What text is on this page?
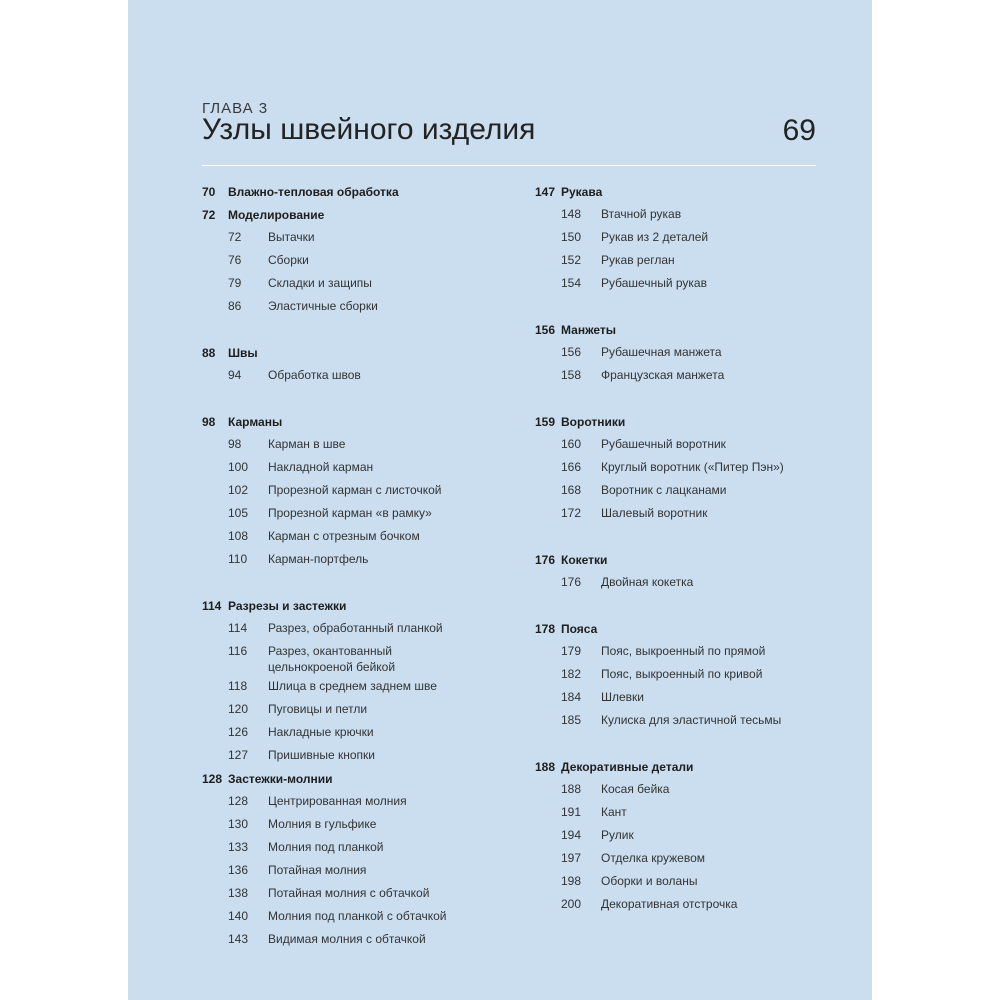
ГЛАВА 3
Узлы швейного изделия	69
70	Влажно-тепловая обработка
72	Моделирование
72	Вытачки
76	Сборки
79	Складки и защипы
86	Эластичные сборки
88	Швы
94	Обработка швов
98	Карманы
98	Карман в шве
100	Накладной карман
102	Прорезной карман с листочкой
105	Прорезной карман «в рамку»
108	Карман с отрезным бочком
110	Карман-портфель
114 Разрезы и застежки
114	Разрез, обработанный планкой
116	Разрез, окантованный
цельнокроеной бейкой
118	Шлица в среднем заднем шве
120	Пуговицы и петли
126	Накладные крючки
127	Пришивные кнопки
128 Застежки-молнии
128	Центрированная молния
130	Молния в гульфике
133	Молния под планкой
136	Потайная молния
138	Потайная молния с обтачкой
140	Молния под планкой с обтачкой
143	Видимая молния с обтачкой
147 Рукава
148	Втачной рукав
150	Рукав из 2 деталей
152	Рукав реглан
154	Рубашечный рукав
156 Манжеты
156	Рубашечная манжета
158	Французская манжета
159 Воротники
160	Рубашечный воротник
166	Круглый воротник («Питер Пэн»)
168	Воротник с лацканами
172	Шалевый воротник
176 Кокетки
176	Двойная кокетка
178 Пояса
179	Пояс, выкроенный по прямой
182	Пояс, выкроенный по кривой
184	Шлевки
185	Кулиска для эластичной тесьмы
188 Декоративные детали
188	Косая бейка
191	Кант
194	Рулик
197	Отделка кружевом
198	Оборки и воланы
200	Декоративная отстрочка
